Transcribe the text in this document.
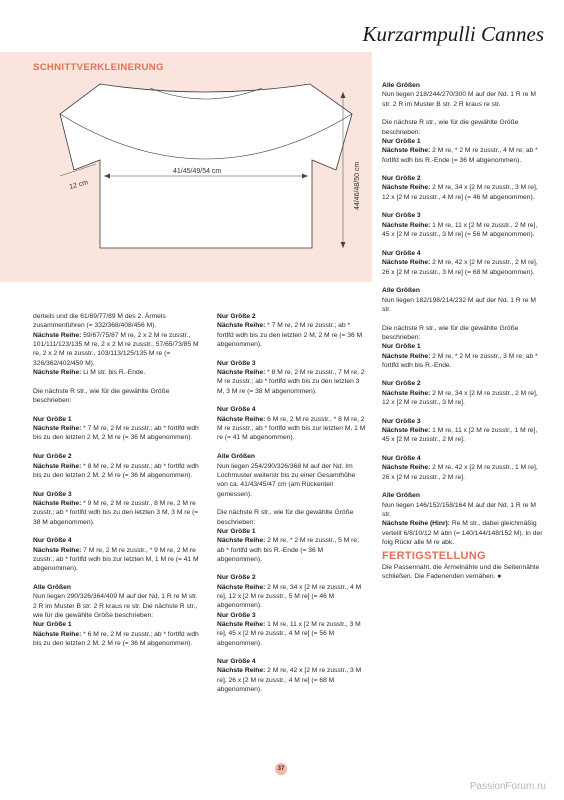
Kurzarmpulli Cannes
SCHNITTVERKLEINERUNG
12 cm
41/45/49/54 cm	44/46/48/50 cm

derteils und die 61/69/77/89 M des 2. Ärmels zusammenführen (= 332/368/408/456 M).
Nächste Reihe: 59/67/75/87 M re, 2 x 2 M re zusstr., 101/111/123/135 M re, 2 x 2 M re zusstr., 57/65/73/85 M re, 2 x 2 M re zusstr., 103/113/125/135 M re (= 326/362/402/450 M).
Nächste Reihe: Li M str. bis R.-Ende.

Die nächste R str., wie für die gewählte Größe beschrieben:

Nur Größe 1
Nächste Reihe: * 7 M re, 2 M re zusstr.; ab * fortlfd wdh bis zu den letzten 2 M, 2 M re (= 36 M abgenommen).

Nur Größe 2
Nächste Reihe: * 8 M re, 2 M re zusstr.; ab * fortlfd wdh bis zu den letzten 2 M, 2 M re (= 36 M abgenommen).

Nur Größe 3
Nächste Reihe: * 9 M re, 2 M re zusstr., 8 M re, 2 M re zusstr.; ab * fortlfd wdh bis zu den letzten 3 M, 3 M re (= 38 M abgenommen).

Nur Größe 4
Nächste Reihe: 7 M re, 2 M re zusstr., * 9 M re, 2 M re zusstr.; ab * fortlfd wdh bis zur letzten M, 1 M re (= 41 M abgenommen).

Alle Größen
Nun liegen 290/326/364/409 M auf der Nd. 1 R re M str. 2 R im Muster B str. 2 R kraus re str. Die nächste R str., wie für die gewählte Größe beschrieben:
Nur Größe 1
Nächste Reihe: * 6 M re, 2 M re zusstr.; ab * fortlfd wdh bis zu den letzten 2 M, 2 M re (= 36 M abgenommen).

Nur Größe 2
Nächste Reihe: * 7 M re, 2 M re zusstr.; ab * fortlfd wdh bis zu den letzten 2 M, 2 M re (= 36 M abgenommen).

Nur Größe 3
Nächste Reihe: * 8 M re, 2 M re zusstr., 7 M re, 2 M re zusstr.; ab * fortlfd wdh bis zu den letzten 3 M, 3 M re (= 38 M abgenommen).

Nur Größe 4
Nächste Reihe: 6 M re, 2 M re zusstr., * 8 M re, 2 M re zusstr.; ab * fortlfd wdh bis zur letzten M, 1 M re (= 41 M abgenommen).

Alle Größen
Nun liegen 254/290/326/368 M auf der Nd. Im Lochmuster weiterstr bis zu einer Gesamthöhe von ca. 41/43/45/47 cm (am Rückenteil gemessen).

Die nächste R str., wie für die gewählte Größe beschrieben:
Nur Größe 1
Nächste Reihe: 2 M re, * 2 M re zusstr., 5 M re; ab * fortlfd wdh bis R.-Ende (= 36 M abgenommen).

Nur Größe 2
Nächste Reihe: 2 M re, 34 x [2 M re zusstr., 4 M re], 12 x [2 M re zusstr., 5 M re] (= 46 M abgenommen).
Nur Größe 3
Nächste Reihe: 1 M re, 11 x [2 M re zusstr., 3 M re], 45 x [2 M re zusstr., 4 M re] (= 56 M abgenommen).

Nur Größe 4
Nächste Reihe: 2 M re, 42 x [2 M re zusstr., 3 M re], 26 x [2 M re zusstr., 4 M re] (= 68 M abgenommen).

Alle Größen
Nun liegen 218/244/270/300 M auf der Nd. 1 R re M str. 2 R im Muster B str. 2 R kraus re str.

Die nächste R str., wie für die gewählte Größe beschrieben:
Nur Größe 1
Nächste Reihe: 2 M re, * 2 M re zusstr., 4 M re; ab * fortlfd wdh bis R.-Ende (= 36 M abgenommen).

Nur Größe 2
Nächste Reihe: 2 M re, 34 x [2 M re zusstr., 3 M re], 12 x [2 M re zusstr., 4 M re] (= 46 M abgenommen).

Nur Größe 3
Nächste Reihe: 1 M re, 11 x [2 M re zusstr., 2 M re], 45 x [2 M re zusstr., 3 M re] (= 56 M abgenommen).

Nur Größe 4
Nächste Reihe: 2 M re, 42 x [2 M re zusstr., 2 M re], 26 x [2 M re zusstr., 3 M re] (= 68 M abgenommen).

Alle Größen
Nun liegen 182/198/214/232 M auf der Nd. 1 R re M str.

Die nächste R str., wie für die gewählte Größe beschrieben:
Nur Größe 1
Nächste Reihe: 2 M re, * 2 M re zusstr., 3 M re; ab * fortlfd wdh bis R.-Ende.

Nur Größe 2
Nächste Reihe: 2 M re, 34 x [2 M re zusstr., 2 M re], 12 x [2 M re zusstr., 3 M re].

Nur Größe 3
Nächste Reihe: 1 M re, 11 x [2 M re zusstr., 1 M re], 45 x [2 M re zusstr., 2 M re].

Nur Größe 4
Nächste Reihe: 2 M re, 42 x [2 M re zusstr., 1 M re], 26 x [2 M re zusstr., 2 M re].

Alle Größen
Nun liegen 146/152/158/164 M auf der Nd. 1 R re M str.
Nächste Reihe (Hinr): Re M str., dabei gleichmäßig verteilt 6/8/10/12 M abn (= 140/144/148/152 M). In der folg Rückr alle M re abk.

FERTIGSTELLUNG

Die Passennaht, die Ärmelnähte und die Seitennähte schließen. Die Fadenenden vernähen. ●

37
PassionForum.ru
